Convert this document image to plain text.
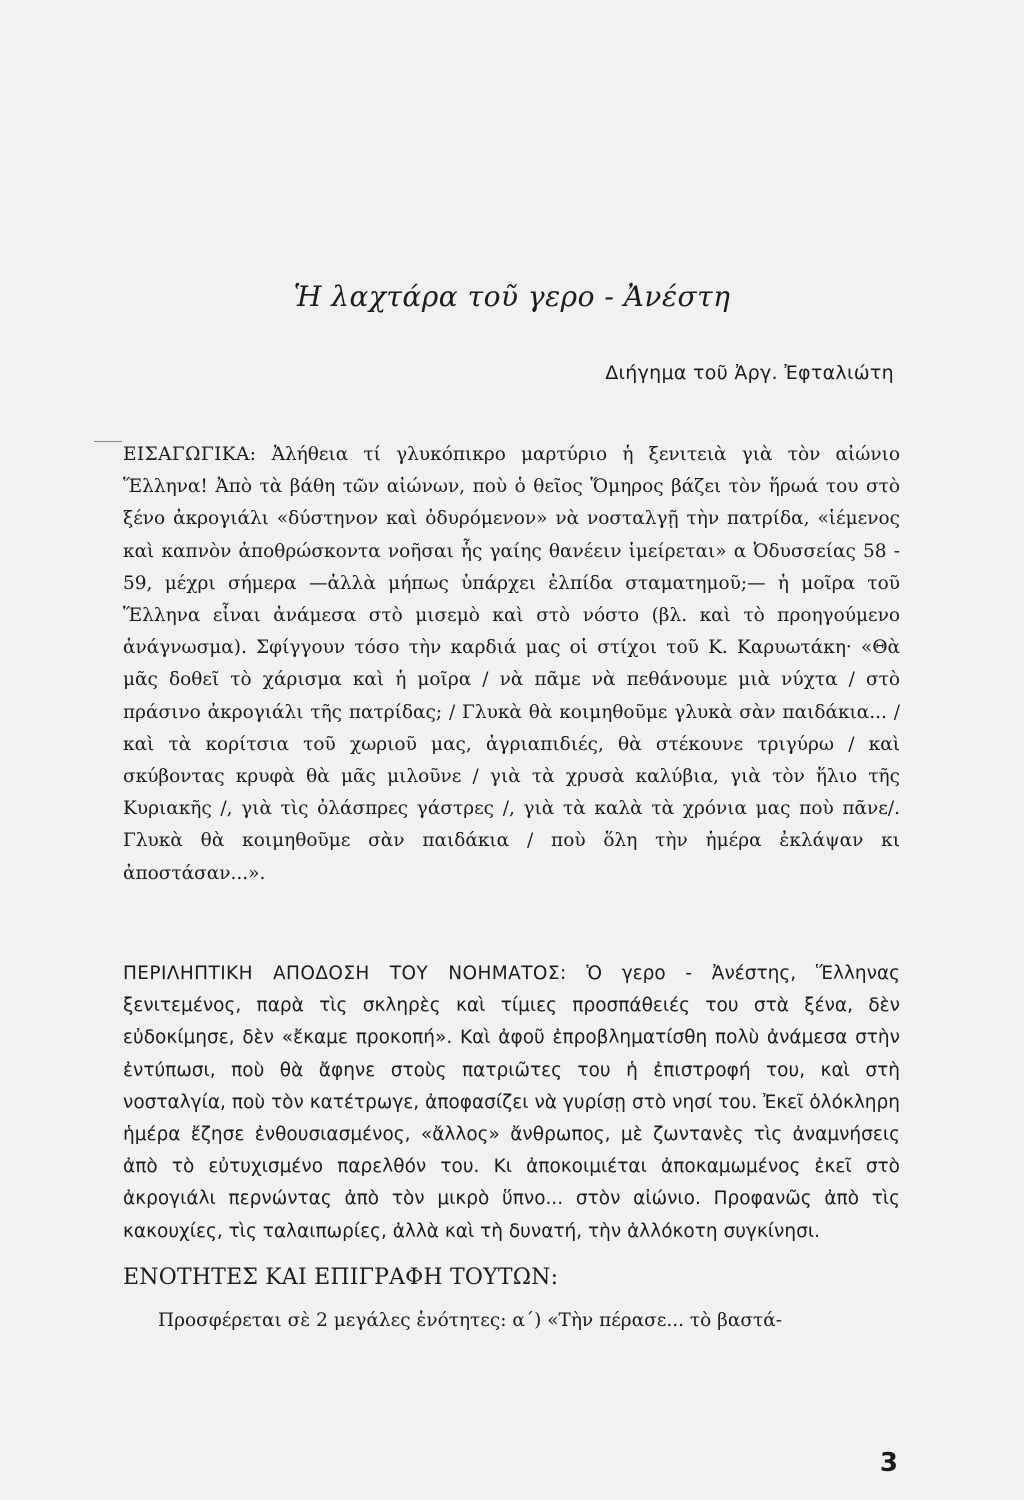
Ἡ λαχτάρα τοῦ γερο - Ἀνέστη

Διήγημα τοῦ Ἀργ. Ἐφταλιώτη

ΕΙΣΑΓΩΓΙΚΑ: Ἀλήθεια τί γλυκόπικρο μαρτύριο ἡ ξενιτειὰ γιὰ τὸν αἰώνιο Ἕλληνα! Ἀπὸ τὰ βάθη τῶν αἰώνων, ποὺ ὁ θεῖος Ὅμηρος βάζει τὸν ἥρωά του στὸ ξένο ἀκρογιάλι «δύστηνον καὶ ὀδυρόμενον» νὰ νοσταλγῇ τὴν πατρίδα, «ἱέμενος καὶ καπνὸν ἀποθρώσκοντα νοῆσαι ἧς γαίης θανέειν ἱμείρεται» α Ὀδυσσείας 58 - 59, μέχρι σήμερα —ἀλλὰ μήπως ὑπάρχει ἐλπίδα σταματημοῦ;— ἡ μοῖρα τοῦ Ἕλληνα εἶναι ἀνάμεσα στὸ μισεμὸ καὶ στὸ νόστο (βλ. καὶ τὸ προηγούμενο ἀνάγνωσμα). Σφίγγουν τόσο τὴν καρδιά μας οἱ στίχοι τοῦ Κ. Καρυωτάκη· «Θὰ μᾶς δοθεῖ τὸ χάρισμα καὶ ἡ μοῖρα / νὰ πᾶμε νὰ πεθάνουμε μιὰ νύχτα / στὸ πράσινο ἀκρογιάλι τῆς πατρίδας; / Γλυκὰ θὰ κοιμηθοῦμε γλυκὰ σὰν παιδάκια... / καὶ τὰ κορίτσια τοῦ χωριοῦ μας, ἀγριαπιδιές, θὰ στέκουνε τριγύρω / καὶ σκύβοντας κρυφὰ θὰ μᾶς μιλοῦνε / γιὰ τὰ χρυσὰ καλύβια, γιὰ τὸν ἥλιο τῆς Κυριακῆς /, γιὰ τὶς ὀλάσπρες γάστρες /, γιὰ τὰ καλὰ τὰ χρόνια μας ποὺ πᾶνε/. Γλυκὰ θὰ κοιμηθοῦμε σὰν παιδάκια / ποὺ ὅλη τὴν ἡμέρα ἐκλάψαν κι ἀποστάσαν...».

ΠΕΡΙΛΗΠΤΙΚΗ ΑΠΟΔΟΣΗ ΤΟΥ ΝΟΗΜΑΤΟΣ: Ὁ γερο - Ἀνέστης, Ἕλληνας ξενιτεμένος, παρὰ τὶς σκληρὲς καὶ τίμιες προσπάθειές του στὰ ξένα, δὲν εὐδοκίμησε, δὲν «ἔκαμε προκοπή». Καὶ ἀφοῦ ἐπροβληματίσθη πολὺ ἀνάμεσα στὴν ἐντύπωσι, ποὺ θὰ ἄφηνε στοὺς πατριῶτες του ἡ ἐπιστροφή του, καὶ στὴ νοσταλγία, ποὺ τὸν κατέτρωγε, ἀποφασίζει νὰ γυρίσῃ στὸ νησί του. Ἐκεῖ ὁλόκληρη ἡμέρα ἔζησε ἐνθουσιασμένος, «ἄλλος» ἄνθρωπος, μὲ ζωντανὲς τὶς ἀναμνήσεις ἀπὸ τὸ εὐτυχισμένο παρελθόν του. Κι ἀποκοιμιέται ἀποκαμωμένος ἐκεῖ στὸ ἀκρογιάλι περνώντας ἀπὸ τὸν μικρὸ ὕπνο... στὸν αἰώνιο. Προφανῶς ἀπὸ τὶς κακουχίες, τὶς ταλαιπωρίες, ἀλλὰ καὶ τὴ δυνατή, τὴν ἀλλόκοτη συγκίνησι.

ΕΝΟΤΗΤΕΣ ΚΑΙ ΕΠΙΓΡΑΦΗ ΤΟΥΤΩΝ:

Προσφέρεται σὲ 2 μεγάλες ἑνότητες: α΄) «Τὴν πέρασε... τὸ βαστά-

3
